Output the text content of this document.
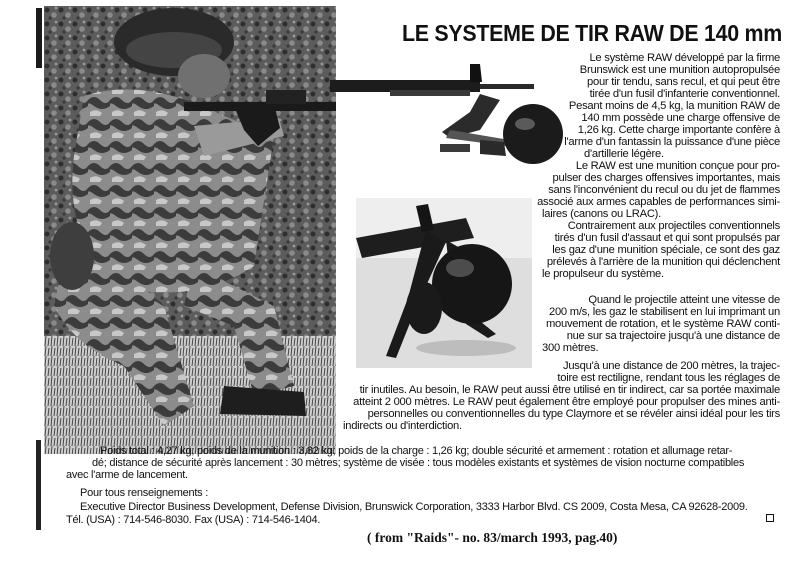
LE SYSTEME DE TIR RAW DE 140 mm
Le système RAW développé par la firme
Brunswick est une munition autopropulsée
pour tir tendu, sans recul, et qui peut être
tirée d'un fusil d'infanterie conventionnel.
Pesant moins de 4,5 kg, la munition RAW de
140 mm possède une charge offensive de
1,26 kg. Cette charge importante confère à
l'arme d'un fantassin la puissance d'une pièce
d'artillerie légère.
Le RAW est une munition conçue pour pro-
pulser des charges offensives importantes, mais
sans l'inconvénient du recul ou du jet de flammes
associé aux armes capables de performances simi-
laires (canons ou LRAC).
Contrairement aux projectiles conventionnels
tirés d'un fusil d'assaut et qui sont propulsés par
les gaz d'une munition spéciale, ce sont des gaz
prélevés à l'arrière de la munition qui déclenchent
le propulseur du système.
Quand le projectile atteint une vitesse de
200 m/s, les gaz le stabilisent en lui imprimant un
mouvement de rotation, et le système RAW conti-
nue sur sa trajectoire jusqu'à une distance de
300 mètres.
Jusqu'à une distance de 200 mètres, la trajec-
toire est rectiligne, rendant tous les réglages de
tir inutiles. Au besoin, le RAW peut aussi être utilisé en tir indirect, car sa portée maximale
atteint 2 000 mètres. Le RAW peut également être employé pour propulser des mines anti-
personnelles ou conventionnelles du type Claymore et se révéler ainsi idéal pour les tirs
indirects ou d'interdiction.
Poids total : 4,27 kg; poids de la munition : 3,82 kg; poids de la charge : 1,26 kg; double sécurité et armement : rotation et allumage retar-
dé; distance de sécurité après lancement : 30 mètres; système de visée : tous modèles existants et systèmes de vision nocturne compatibles
avec l'arme de lancement.
Pour tous renseignements :
Executive Director Business Development, Defense Division, Brunswick Corporation, 3333 Harbor Blvd. CS 2009, Costa Mesa, CA 92628-2009.
Tél. (USA) : 714-546-8030. Fax (USA) : 714-546-1404.
( from "Raids"- no. 83/march 1993, pag.40)
